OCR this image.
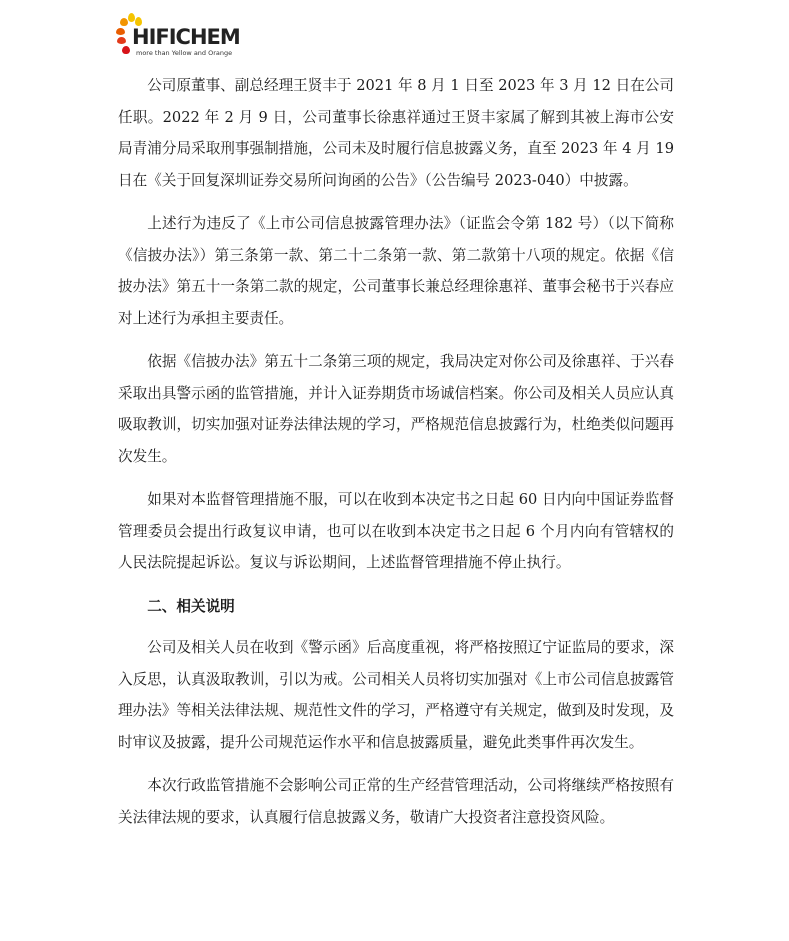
HIFICHEM
more than Yellow and Orange

公司原董事、副总经理王贤丰于 2021 年 8 月 1 日至 2023 年 3 月 12 日在公司任职。2022 年 2 月 9 日，公司董事长徐惠祥通过王贤丰家属了解到其被上海市公安局青浦分局采取刑事强制措施，公司未及时履行信息披露义务，直至 2023 年 4 月 19 日在《关于回复深圳证券交易所问询函的公告》（公告编号 2023-040）中披露。

上述行为违反了《上市公司信息披露管理办法》（证监会令第 182 号）（以下简称《信披办法》）第三条第一款、第二十二条第一款、第二款第十八项的规定。依据《信披办法》第五十一条第二款的规定，公司董事长兼总经理徐惠祥、董事会秘书于兴春应对上述行为承担主要责任。

依据《信披办法》第五十二条第三项的规定，我局决定对你公司及徐惠祥、于兴春采取出具警示函的监管措施，并计入证券期货市场诚信档案。你公司及相关人员应认真吸取教训，切实加强对证券法律法规的学习，严格规范信息披露行为，杜绝类似问题再次发生。

如果对本监督管理措施不服，可以在收到本决定书之日起 60 日内向中国证券监督管理委员会提出行政复议申请，也可以在收到本决定书之日起 6 个月内向有管辖权的人民法院提起诉讼。复议与诉讼期间，上述监督管理措施不停止执行。

二、相关说明

公司及相关人员在收到《警示函》后高度重视，将严格按照辽宁证监局的要求，深入反思，认真汲取教训，引以为戒。公司相关人员将切实加强对《上市公司信息披露管理办法》等相关法律法规、规范性文件的学习，严格遵守有关规定，做到及时发现，及时审议及披露，提升公司规范运作水平和信息披露质量，避免此类事件再次发生。

本次行政监管措施不会影响公司正常的生产经营管理活动，公司将继续严格按照有关法律法规的要求，认真履行信息披露义务，敬请广大投资者注意投资风险。
